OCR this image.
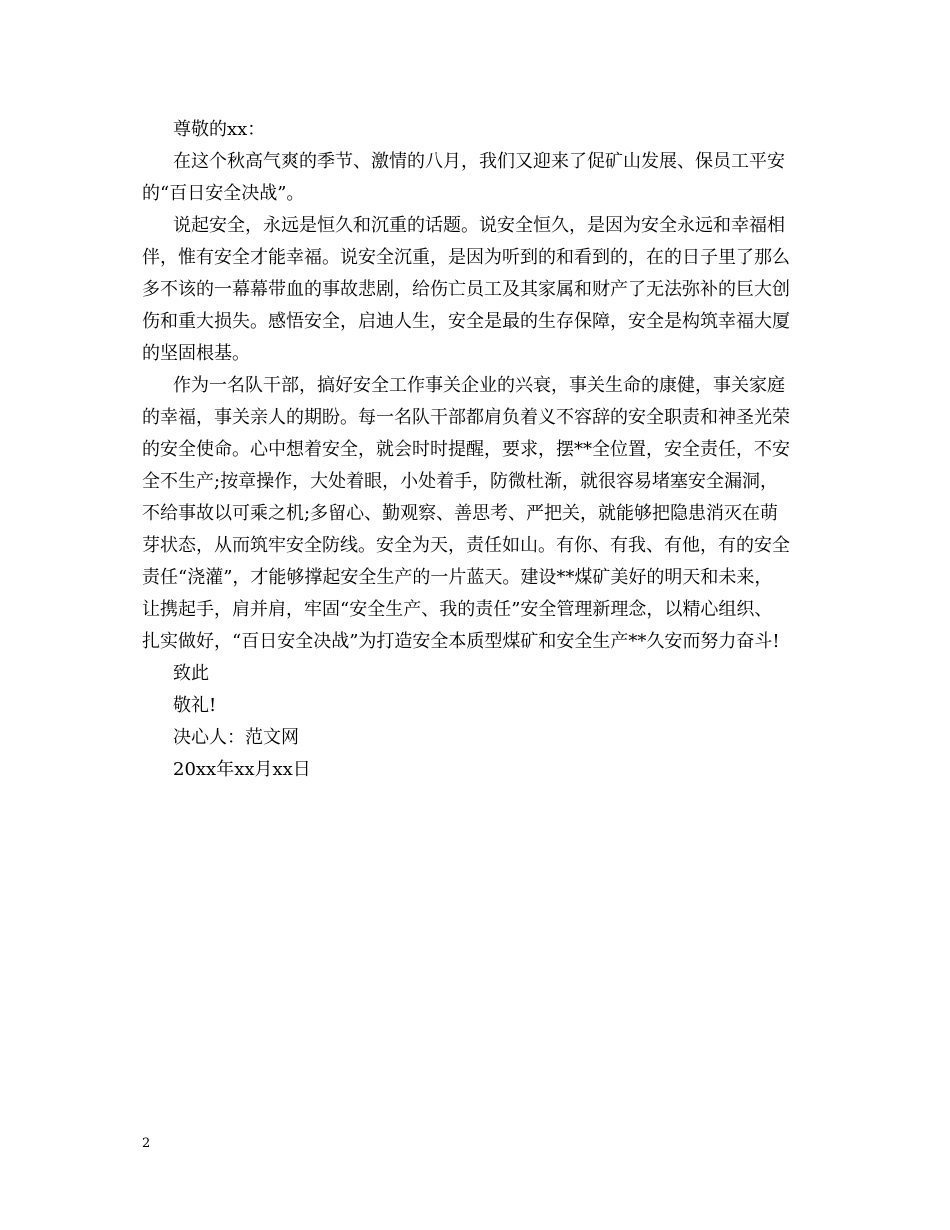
尊敬的xx：
在这个秋高气爽的季节、激情的八月，我们又迎来了促矿山发展、保员工平安
的“百日安全决战”。
说起安全，永远是恒久和沉重的话题。说安全恒久，是因为安全永远和幸福相
伴，惟有安全才能幸福。说安全沉重，是因为听到的和看到的，在的日子里了那么
多不该的一幕幕带血的事故悲剧，给伤亡员工及其家属和财产了无法弥补的巨大创
伤和重大损失。感悟安全，启迪人生，安全是最的生存保障，安全是构筑幸福大厦
的坚固根基。
作为一名队干部，搞好安全工作事关企业的兴衰，事关生命的康健，事关家庭
的幸福，事关亲人的期盼。每一名队干部都肩负着义不容辞的安全职责和神圣光荣
的安全使命。心中想着安全，就会时时提醒，要求，摆**全位置，安全责任，不安
全不生产;按章操作，大处着眼，小处着手，防微杜渐，就很容易堵塞安全漏洞，
不给事故以可乘之机;多留心、勤观察、善思考、严把关，就能够把隐患消灭在萌
芽状态，从而筑牢安全防线。安全为天，责任如山。有你、有我、有他，有的安全
责任“浇灌”，才能够撑起安全生产的一片蓝天。建设**煤矿美好的明天和未来，
让携起手，肩并肩，牢固“安全生产、我的责任”安全管理新理念，以精心组织、
扎实做好，“百日安全决战”为打造安全本质型煤矿和安全生产**久安而努力奋斗!
致此
敬礼!
决心人：范文网
20xx年xx月xx日
2
